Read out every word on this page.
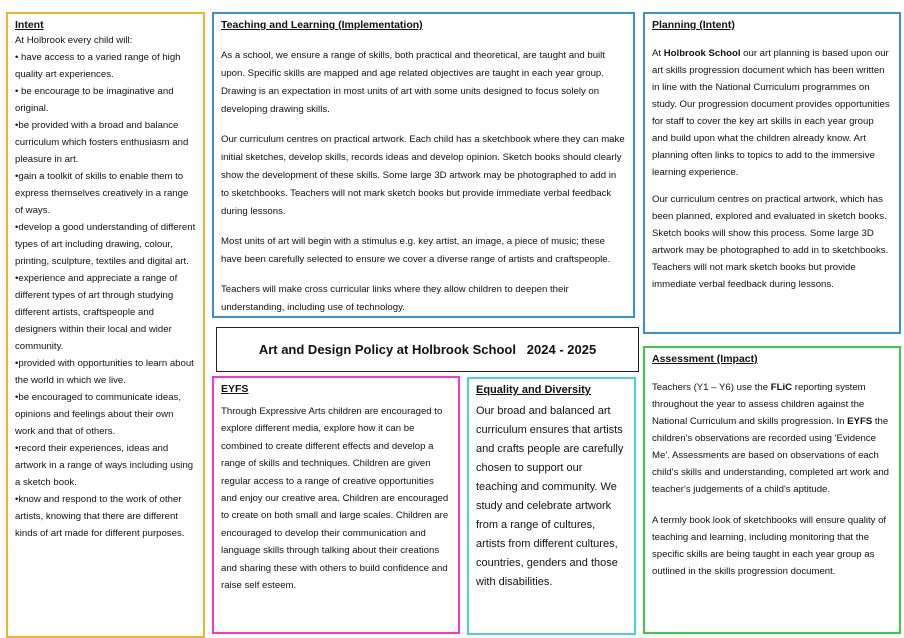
Intent

At Holbrook every child will:

• have access to a varied range of high quality art experiences.
• be encourage to be imaginative and original.
•be provided with a broad and balance curriculum which fosters enthusiasm and pleasure in art.
•gain a toolkit of skills to enable them to express themselves creatively in a range of ways.
•develop a good understanding of different types of art including drawing, colour, printing, sculpture, textiles and digital art.
•experience and appreciate a range of different types of art through studying different artists, craftspeople and designers within their local and wider community.
•provided with opportunities to learn about the world in which we live.
•be encouraged to communicate ideas, opinions and feelings about their own work and that of others.
•record their experiences, ideas and artwork in a range of ways including using a sketch book.
•know and respond to the work of other artists, knowing that there are different kinds of art made for different purposes.
Teaching and Learning (Implementation)

As a school, we ensure a range of skills, both practical and theoretical, are taught and built upon. Specific skills are mapped and age related objectives are taught in each year group. Drawing is an expectation in most units of art with some units designed to focus solely on developing drawing skills.

Our curriculum centres on practical artwork. Each child has a sketchbook where they can make initial sketches, develop skills, records ideas and develop opinion. Sketch books should clearly show the development of these skills. Some large 3D artwork may be photographed to add in to sketchbooks. Teachers will not mark sketch books but provide immediate verbal feedback during lessons.

Most units of art will begin with a stimulus e.g. key artist, an image, a piece of music; these have been carefully selected to ensure we cover a diverse range of artists and craftspeople.

Teachers will make cross curricular links where they allow children to deepen their understanding, including use of technology.

Planning (Intent)

At Holbrook School our art planning is based upon our art skills progression document which has been written in line with the National Curriculum programmes on study. Our progression document provides opportunities for staff to cover the key art skills in each year group and build upon what the children already know. Art planning often links to topics to add to the immersive learning experience.

Our curriculum centres on practical artwork, which has been planned, explored and evaluated in sketch books. Sketch books will show this process. Some large 3D artwork may be photographed to add in to sketchbooks. Teachers will not mark sketch books but provide immediate verbal feedback during lessons.

Art and Design Policy at Holbrook School   2024 - 2025
EYFS

Through Expressive Arts children are encouraged to explore different media, explore how it can be combined to create different effects and develop a range of skills and techniques. Children are given regular access to a range of creative opportunities and enjoy our creative area. Children are encouraged to create on both small and large scales. Children are encouraged to develop their communication and language skills through talking about their creations and sharing these with others to build confidence and raise self esteem.

Equality and Diversity

Our broad and balanced art curriculum ensures that artists and crafts people are carefully chosen to support our teaching and community. We study and celebrate artwork from a range of cultures, artists from different cultures, countries, genders and those with disabilities.

Assessment (Impact)

Teachers (Y1 – Y6) use the FLiC reporting system throughout the year to assess children against the National Curriculum and skills progression. In EYFS the children's observations are recorded using 'Evidence Me'. Assessments are based on observations of each child's skills and understanding, completed art work and teacher's judgements of a child's aptitude.

A termly book look of sketchbooks will ensure quality of teaching and learning, including monitoring that the specific skills are being taught in each year group as outlined in the skills progression document.
